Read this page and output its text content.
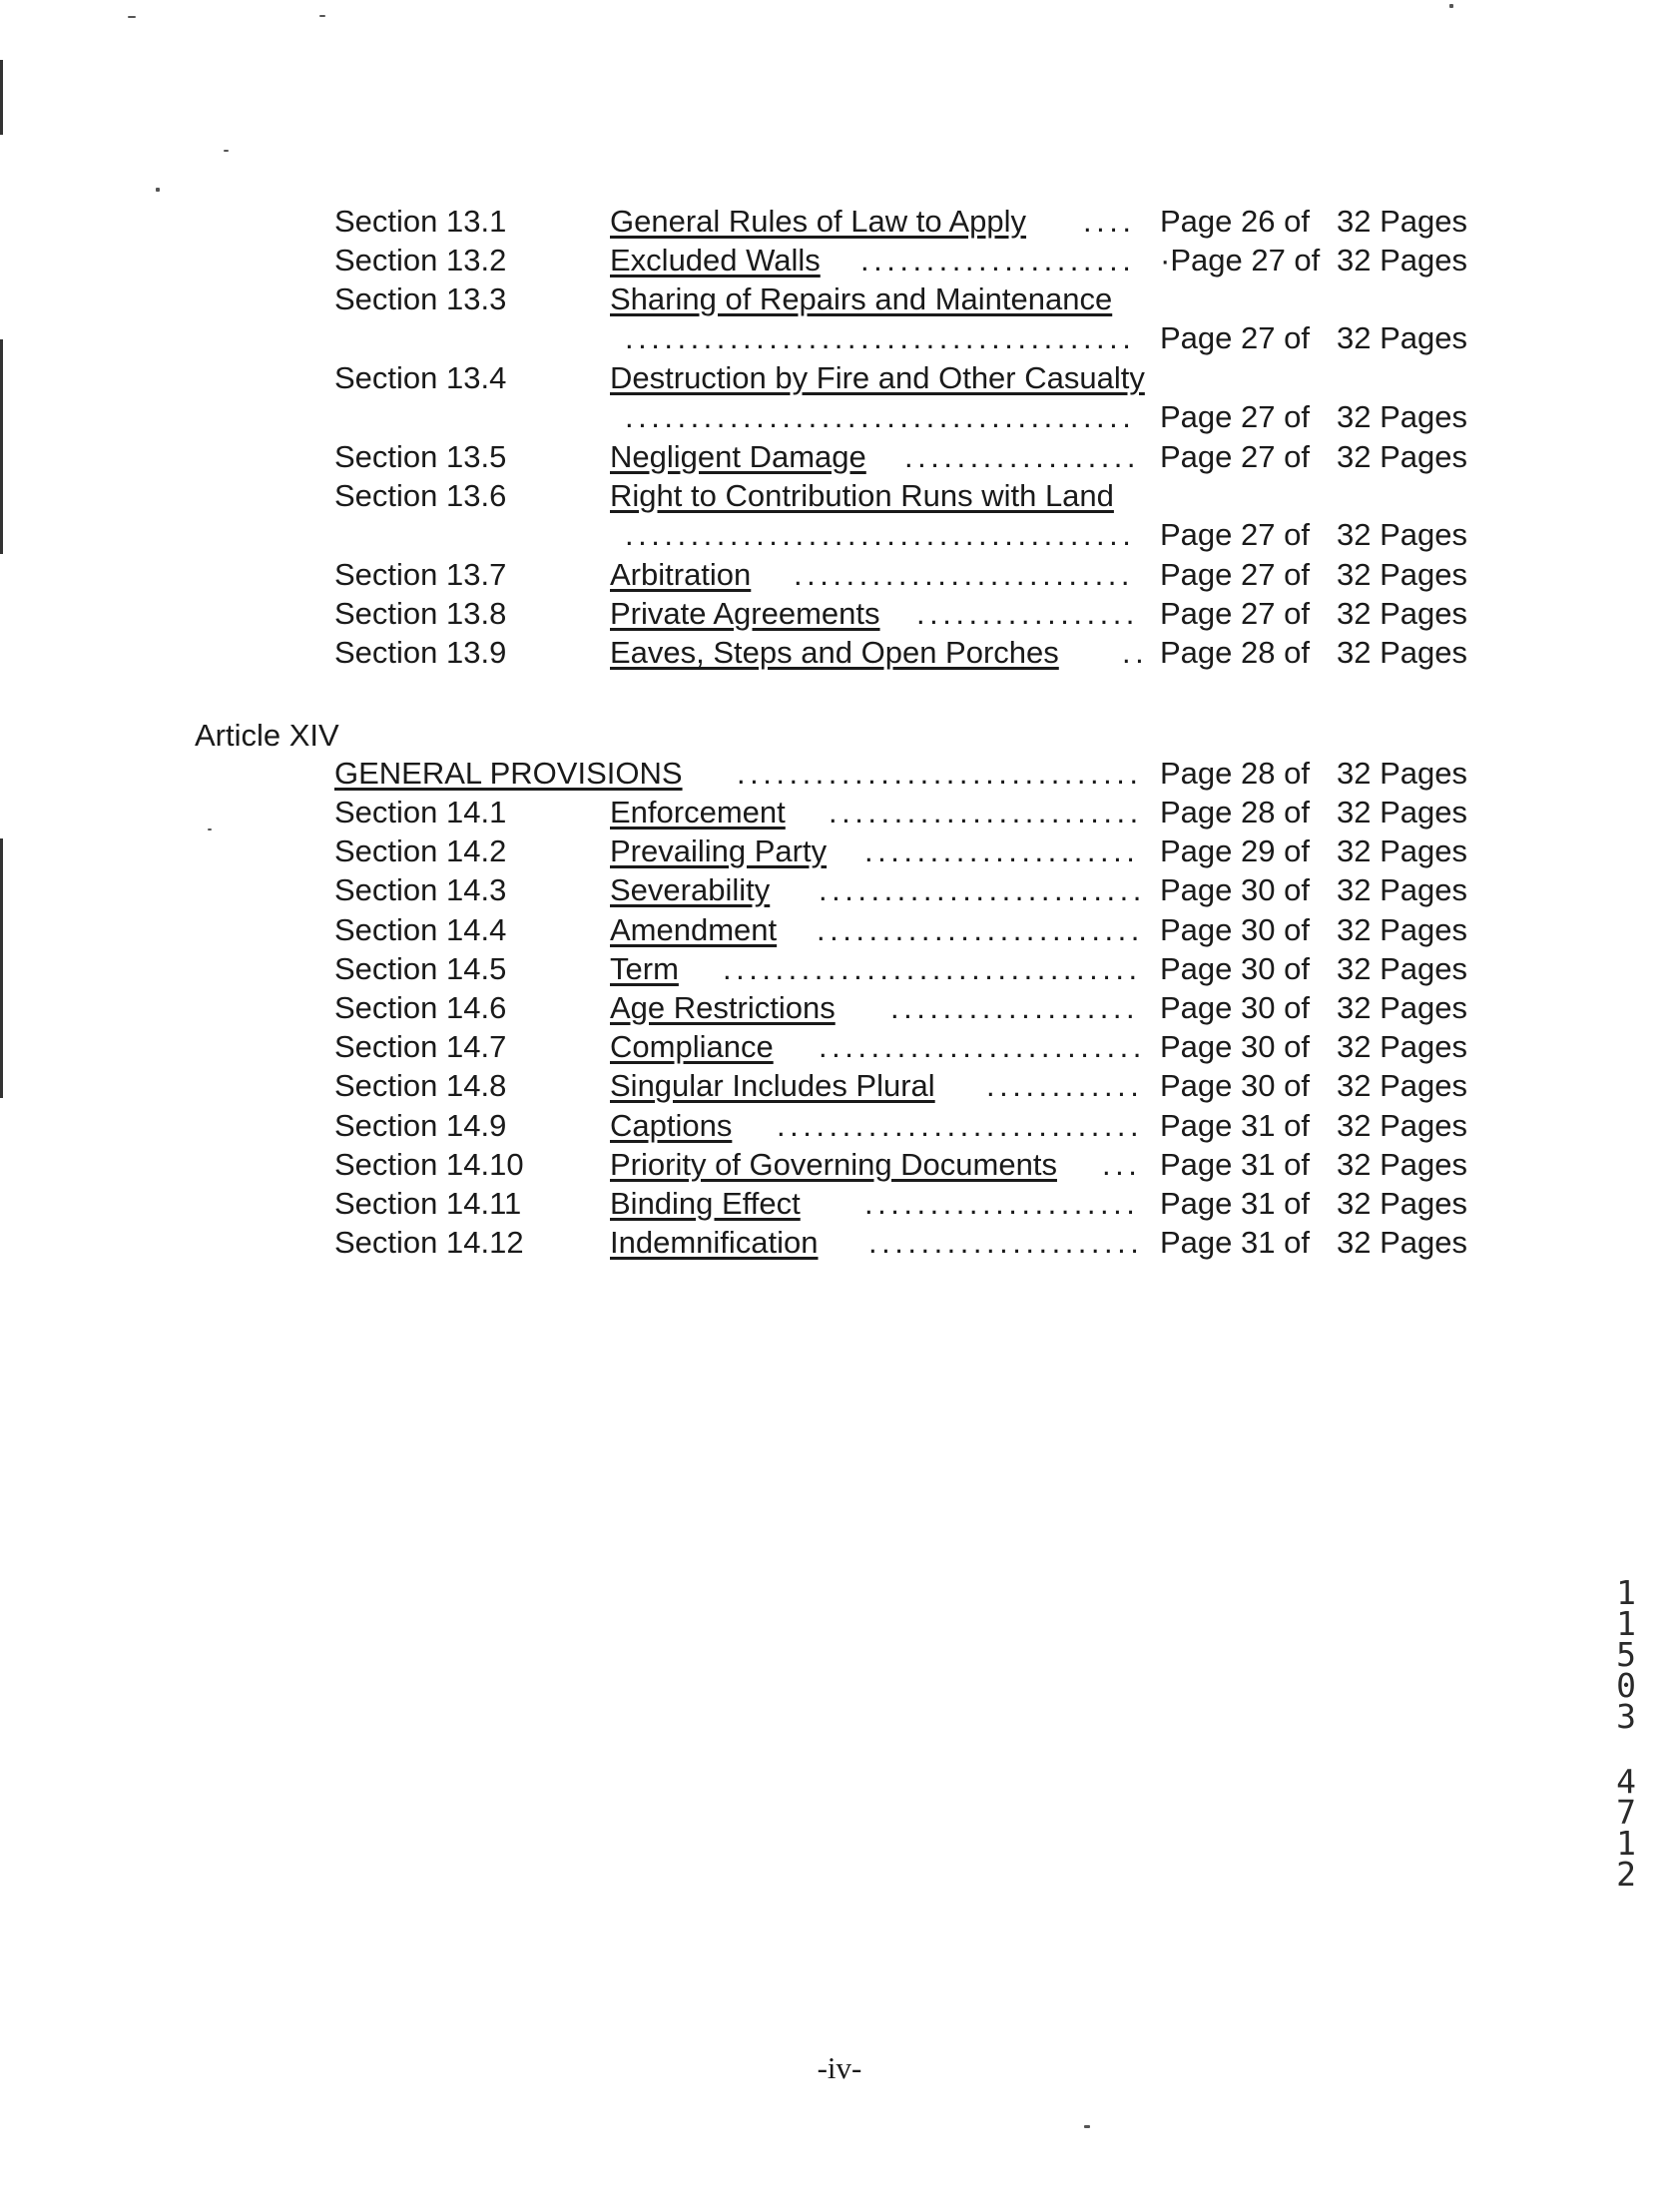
Section 13.1	General Rules of Law to Apply .... Page 26 of 32 Pages
Section 13.2	Excluded Walls ..................... ·Page 27 of 32 Pages
Section 13.3	Sharing of Repairs and Maintenance
....................................... Page 27 of 32 Pages
Section 13.4	Destruction by Fire and Other Casualty
....................................... Page 27 of 32 Pages
Section 13.5	Negligent Damage .................. Page 27 of 32 Pages
Section 13.6	Right to Contribution Runs with Land
....................................... Page 27 of 32 Pages
Section 13.7	Arbitration .......................... Page 27 of 32 Pages
Section 13.8	Private Agreements ................. Page 27 of 32 Pages
Section 13.9	Eaves, Steps and Open Porches .. Page 28 of 32 Pages
GENERAL PROVISIONS ............................... Page 28 of 32 Pages
Section 14.1	Enforcement ........................ Page 28 of 32 Pages
Section 14.2	Prevailing Party ..................... Page 29 of 32 Pages
Section 14.3	Severability ......................... Page 30 of 32 Pages
Section 14.4	Amendment ......................... Page 30 of 32 Pages
Section 14.5	Term ................................ Page 30 of 32 Pages
Section 14.6	Age Restrictions ................... Page 30 of 32 Pages
Section 14.7	Compliance ......................... Page 30 of 32 Pages
Section 14.8	Singular Includes Plural ............ Page 30 of 32 Pages
Section 14.9	Captions ............................ Page 31 of 32 Pages
Section 14.10	Priority of Governing Documents ... Page 31 of 32 Pages
Section 14.11	Binding Effect ..................... Page 31 of 32 Pages
Section 14.12	Indemnification ..................... Page 31 of 32 Pages
Article XIV
1
1
5
0
3
4
7
1
2
-iv-
